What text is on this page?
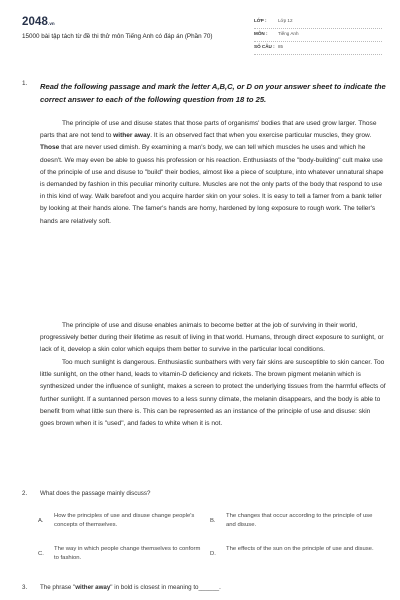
2048.vn
15000 bài tập tách từ đề thi thử môn Tiếng Anh có đáp án (Phần 70)
LỚP : Lớp 12
MÔN : Tiếng Anh
SỐ CÂU : 85
1. Read the following passage and mark the letter A,B,C, or D on your answer sheet to indicate the correct answer to each of the following question from 18 to 25.

The principle of use and disuse states that those parts of organisms' bodies that are used grow larger. Those parts that are not tend to wither away. It is an observed fact that when you exercise particular muscles, they grow. Those that are never used dimish. By examining a man's body, we can tell which muscles he uses and which he doesn't. We may even be able to guess his profession or his reaction. Enthusiasts of the "body-building" cult make use of the principle of use and disuse to "build" their bodies, almost like a piece of sculpture, into whatever unnatural shape is demanded by fashion in this peculiar minority culture. Muscles are not the only parts of the body that respond to use in this kind of way. Walk barefoot and you acquire harder skin on your soles. It is easy to tell a famer from a bank teller by looking at their hands alone. The famer's hands are horny, hardened by long exposure to rough work. The teller's hands are relatively soft.

The principle of use and disuse enables animals to become better at the job of surviving in their world, progressively better during their lifetime as result of living in that world. Humans, through direct exposure to sunlight, or lack of it, develop a skin color which equips them better to survive in the particular local conditions.

Too much sunlight is dangerous. Enthusiastic sunbathers with very fair skins are susceptible to skin cancer. Too little sunlight, on the other hand, leads to vitamin-D deficiency and rickets. The brown pigment melanin which is synthesized under the influence of sunlight, makes a screen to protect the underlying tissues from the harmful effects of further sunlight. If a suntanned person moves to a less sunny climate, the melanin disappears, and the body is able to benefit from what little sun there is. This can be represented as an instance of the principle of use and disuse: skin goes brown when it is "used", and fades to white when it is not.

2. What does the passage mainly discuss?
A.
How the principles of use and disuse change people's concepts of themselves.
B.
The changes that occur according to the principle of use and disuse.
C.
The way in which people change themselves to conform to fashion.
D.
The effects of the sun on the principle of use and disuse.
3. The phrase "wither away" in bold is closest in meaning to______.
